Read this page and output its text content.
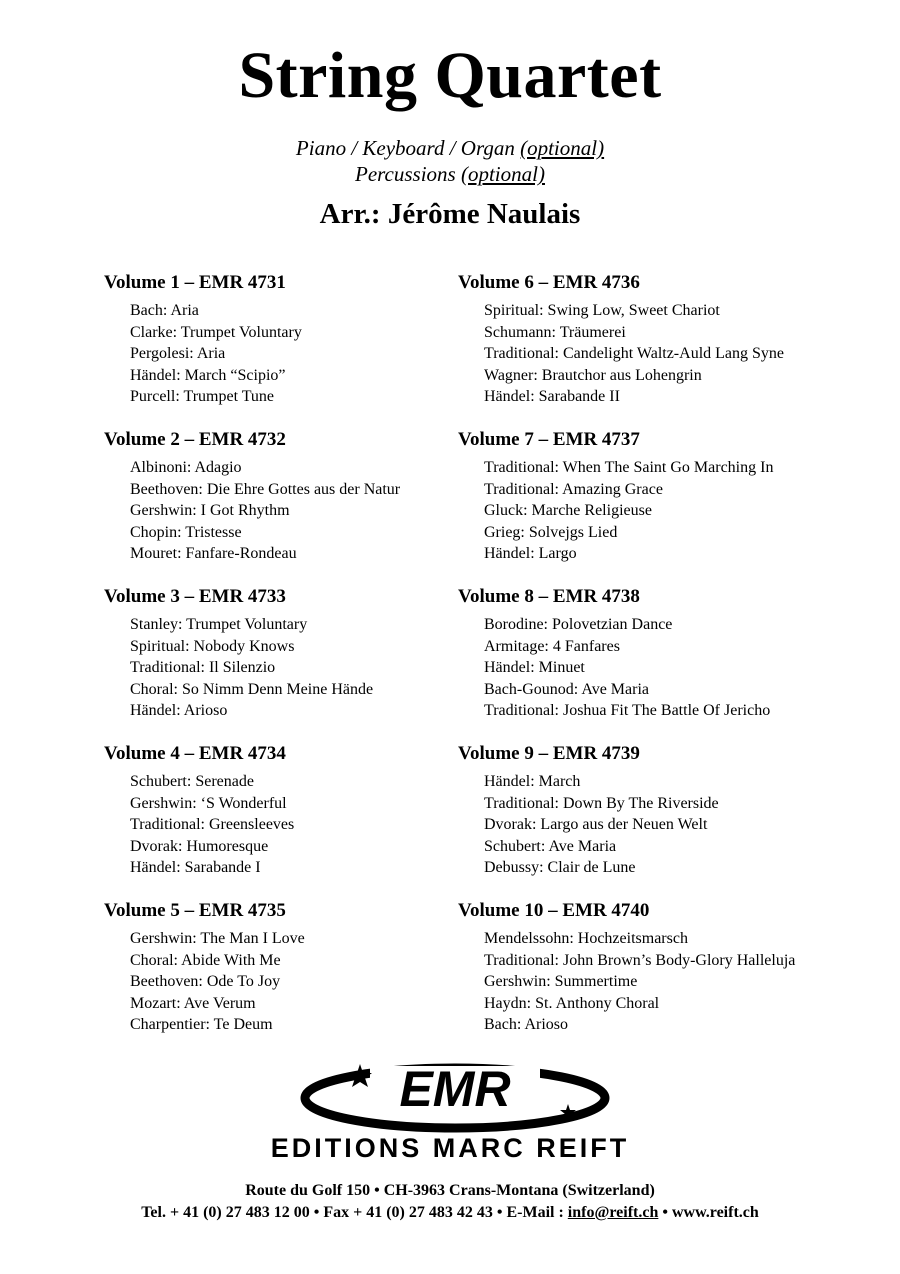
String Quartet
Piano / Keyboard / Organ (optional)
Percussions (optional)
Arr.: Jérôme Naulais
Volume 1 – EMR 4731
Bach: Aria
Clarke: Trumpet Voluntary
Pergolesi: Aria
Händel: March “Scipio”
Purcell: Trumpet Tune
Volume 2 – EMR 4732
Albinoni: Adagio
Beethoven: Die Ehre Gottes aus der Natur
Gershwin: I Got Rhythm
Chopin: Tristesse
Mouret: Fanfare-Rondeau
Volume 3 – EMR 4733
Stanley: Trumpet Voluntary
Spiritual: Nobody Knows
Traditional: Il Silenzio
Choral: So Nimm Denn Meine Hände
Händel: Arioso
Volume 4 – EMR 4734
Schubert: Serenade
Gershwin: ‘S Wonderful
Traditional: Greensleeves
Dvorak: Humoresque
Händel: Sarabande I
Volume 5 – EMR 4735
Gershwin: The Man I Love
Choral: Abide With Me
Beethoven: Ode To Joy
Mozart: Ave Verum
Charpentier: Te Deum
Volume 6 – EMR 4736
Spiritual: Swing Low, Sweet Chariot
Schumann: Träumerei
Traditional: Candelight Waltz-Auld Lang Syne
Wagner: Brautchor aus Lohengrin
Händel: Sarabande II
Volume 7 – EMR 4737
Traditional: When The Saint Go Marching In
Traditional: Amazing Grace
Gluck: Marche Religieuse
Grieg: Solvejgs Lied
Händel: Largo
Volume 8 – EMR 4738
Borodine: Polovetzian Dance
Armitage: 4 Fanfares
Händel: Minuet
Bach-Gounod: Ave Maria
Traditional: Joshua Fit The Battle Of Jericho
Volume 9 – EMR 4739
Händel: March
Traditional: Down By The Riverside
Dvorak: Largo aus der Neuen Welt
Schubert: Ave Maria
Debussy: Clair de Lune
Volume 10 – EMR 4740
Mendelssohn: Hochzeitsmarsch
Traditional: John Brown’s Body-Glory Halleluja
Gershwin: Summertime
Haydn: St. Anthony Choral
Bach: Arioso
EMR
EDITIONS MARC REIFT
Route du Golf 150 • CH-3963 Crans-Montana (Switzerland)
Tel. + 41 (0) 27 483 12 00 • Fax + 41 (0) 27 483 42 43 • E-Mail : info@reift.ch • www.reift.ch
